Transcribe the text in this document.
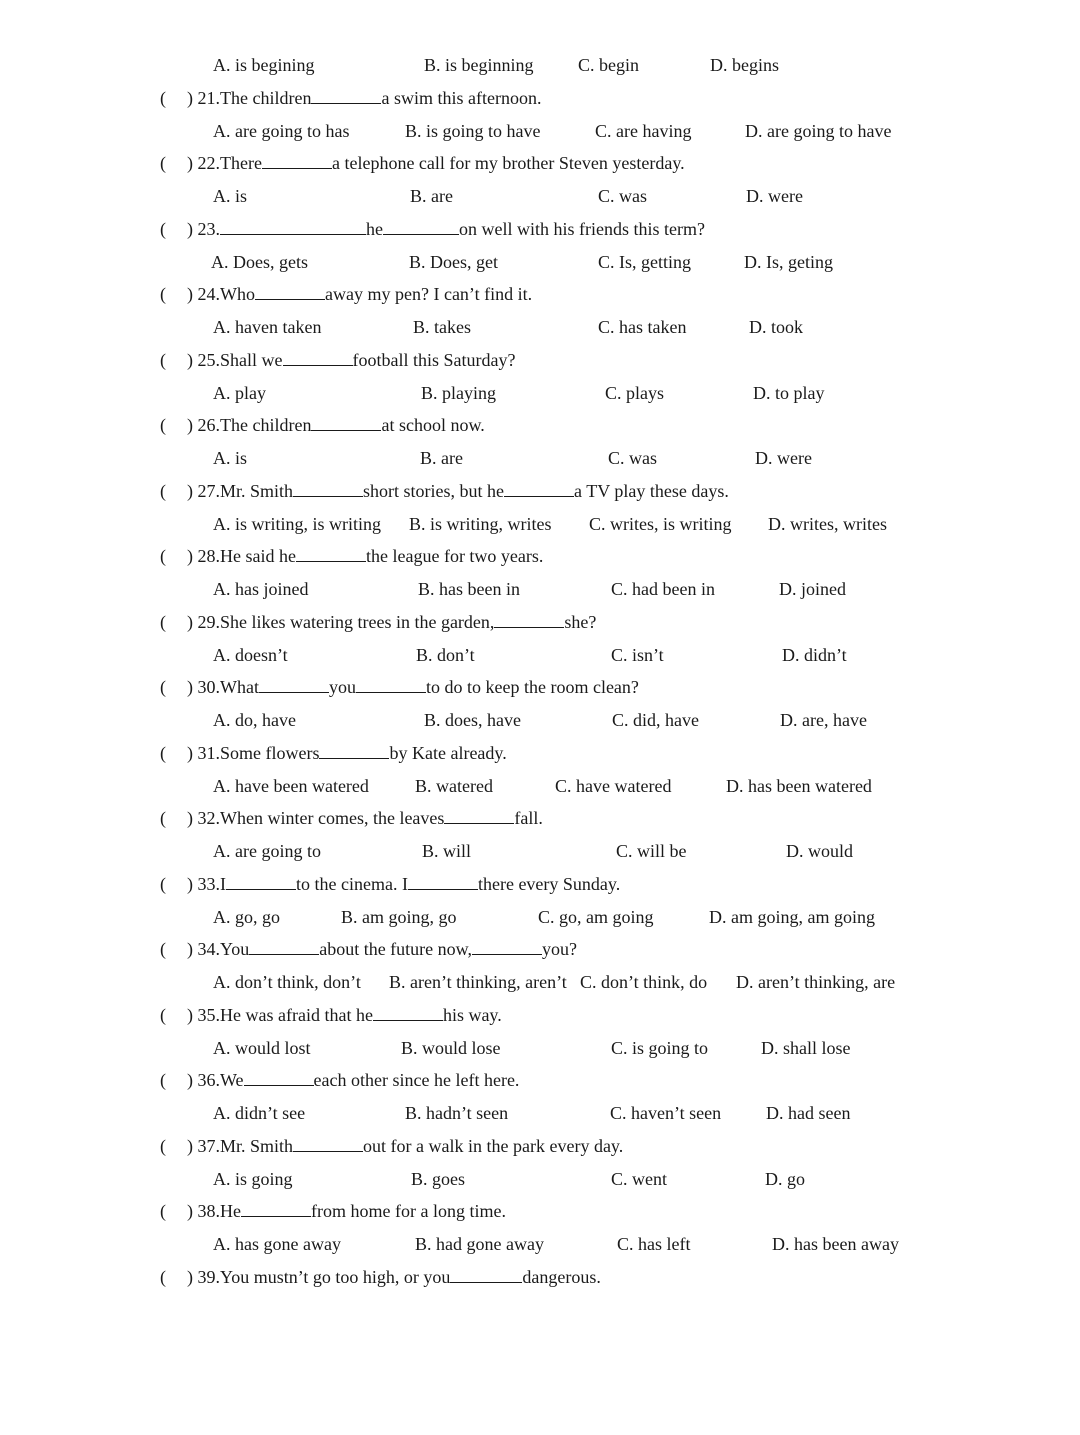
A. is begining	B. is beginning C. begin	D. begins
( ) 21.The children	a swim this afternoon.
A. are going to has	B. is going to have	C. are having	D. are going to have
( ) 22.There	a telephone call for my brother Steven yesterday.
A. is	B. are	C. was	D. were
( ) 23.	he	on well with his friends this term?
A. Does, gets	B. Does, get	C. Is, getting	D. Is, geting
( ) 24.Who	away my pen? I can’t find it.
A. haven taken	B. takes	C. has taken	D. took
( ) 25.Shall we	football this Saturday?
A. play	B. playing	C. plays	D. to play
( ) 26.The children	at school now.
A. is	B. are	C. was	D. were
( ) 27.Mr. Smith	short stories, but he	a TV play these days.
A. is writing, is writing B. is writing, writes C. writes, is writing D. writes, writes
( ) 28.He said he	the league for two years.
A. has joined	B. has been in	C. had been in	D. joined
( ) 29.She likes watering trees in the garden,	she?
A. doesn’t	B. don’t	C. isn’t	D. didn’t
( ) 30.What	you	to do to keep the room clean?
A. do, have	B. does, have	C. did, have	D. are, have
( ) 31.Some flowers	by Kate already.
A. have been watered	B. watered	C. have watered	D. has been watered
( ) 32.When winter comes, the leaves	fall.
A. are going to	B. will	C. will be	D. would
( ) 33.I	to the cinema. I	there every Sunday.
A. go, go	B. am going, go	C. go, am going	D. am going, am going
( ) 34.You	about the future now,	you?
A. don’t think, don’t B. aren’t thinking, aren’t C. don’t think, do D. aren’t thinking, are
( ) 35.He was afraid that he	his way.
A. would lost	B. would lose	C. is going to	D. shall lose
( ) 36.We	each other since he left here.
A. didn’t see	B. hadn’t seen	C. haven’t seen D. had seen
( ) 37.Mr. Smith	out for a walk in the park every day.
A. is going	B. goes	C. went	D. go
( ) 38.He	from home for a long time.
A. has gone away	B. had gone away	C. has left	D. has been away
( ) 39.You mustn’t go too high, or you	dangerous.
